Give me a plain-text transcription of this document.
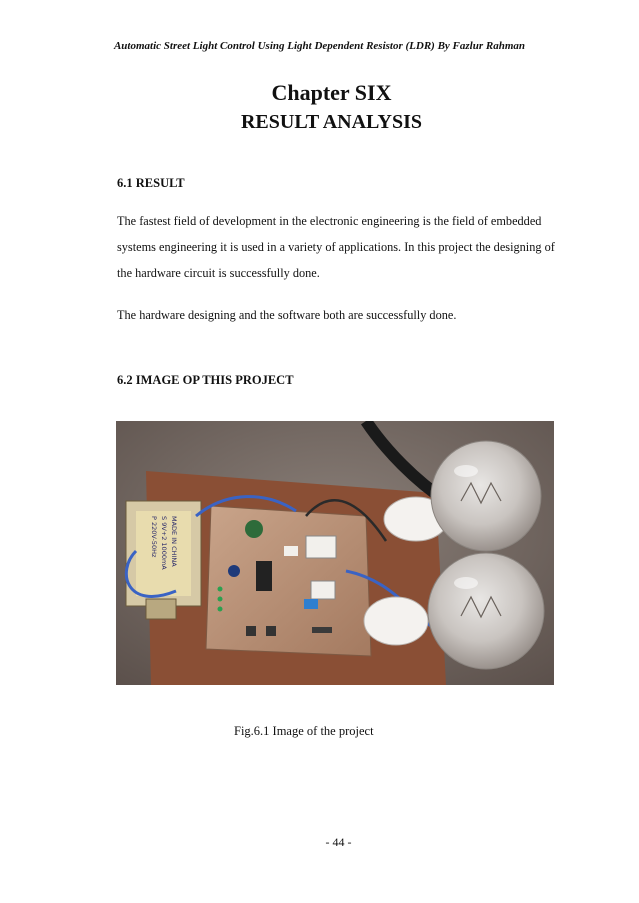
Automatic Street Light Control Using Light Dependent Resistor (LDR) By Fazlur Rahman
Chapter SIX
RESULT ANALYSIS
6.1 RESULT

The fastest field of development in the electronic engineering is the field of embedded systems engineering it is used in a variety of applications. In this project the designing of the hardware circuit is successfully done.

The hardware designing and the software both are successfully done.

6.2 IMAGE OP THIS PROJECT
P 220V-50Hz S 9V+2 1000mA MADE IN CHINA
Fig.6.1 Image of the project
- 44 -
